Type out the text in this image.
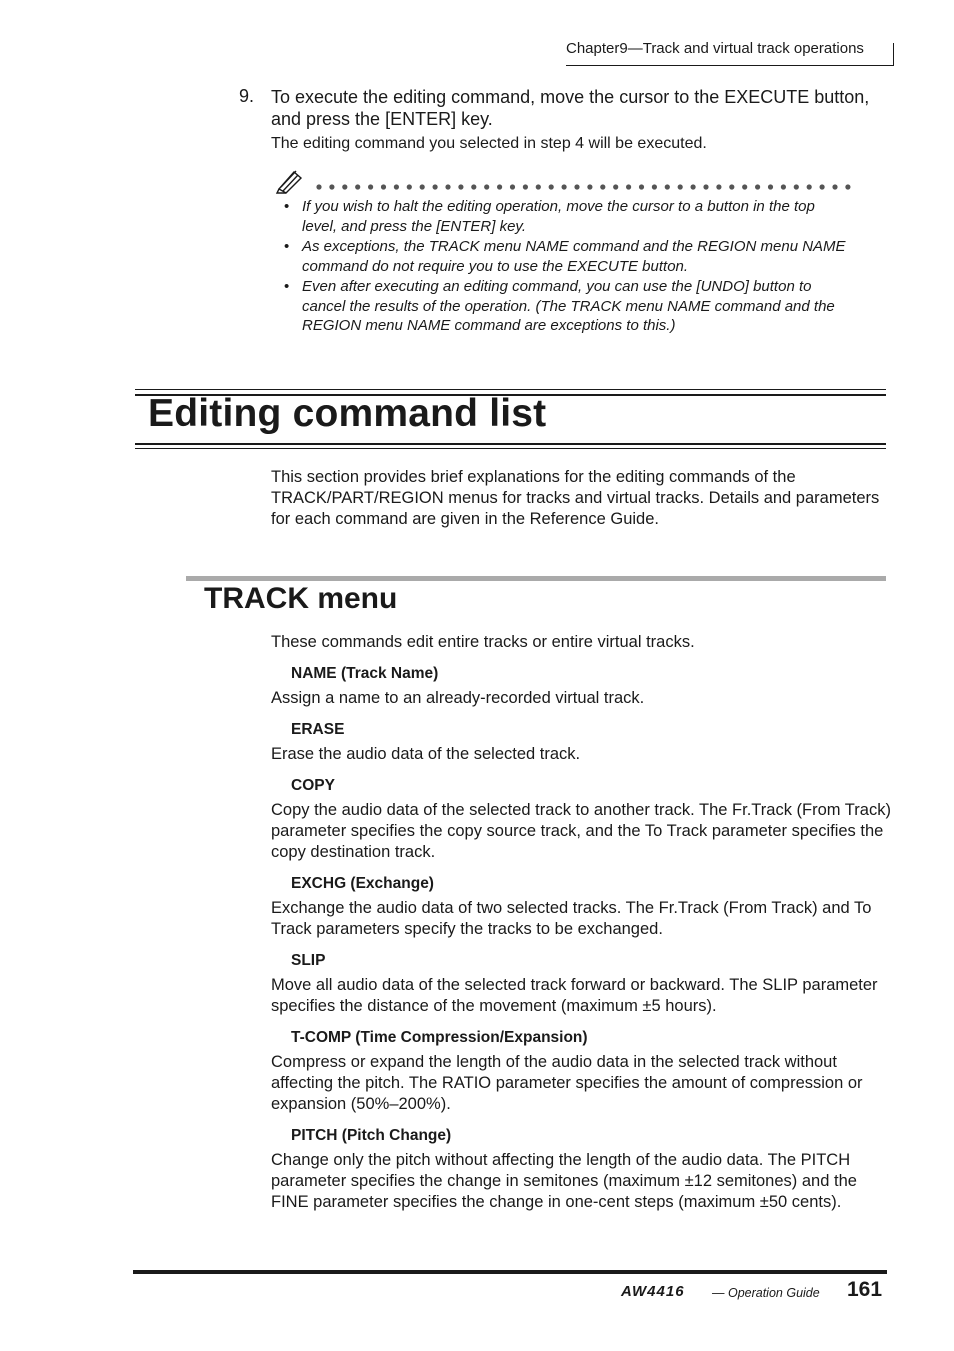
Chapter9—Track and virtual track operations
9. To execute the editing command, move the cursor to the EXECUTE button, and press the [ENTER] key.
The editing command you selected in step 4 will be executed.
• If you wish to halt the editing operation, move the cursor to a button in the top level, and press the [ENTER] key.
• As exceptions, the TRACK menu NAME command and the REGION menu NAME command do not require you to use the EXECUTE button.
• Even after executing an editing command, you can use the [UNDO] button to cancel the results of the operation. (The TRACK menu NAME command and the REGION menu NAME command are exceptions to this.)
Editing command list
This section provides brief explanations for the editing commands of the TRACK/PART/REGION menus for tracks and virtual tracks. Details and parameters for each command are given in the Reference Guide.
TRACK menu
These commands edit entire tracks or entire virtual tracks.
NAME (Track Name)
Assign a name to an already-recorded virtual track.
ERASE
Erase the audio data of the selected track.
COPY
Copy the audio data of the selected track to another track. The Fr.Track (From Track) parameter specifies the copy source track, and the To Track parameter specifies the copy destination track.
EXCHG (Exchange)
Exchange the audio data of two selected tracks. The Fr.Track (From Track) and To Track parameters specify the tracks to be exchanged.
SLIP
Move all audio data of the selected track forward or backward. The SLIP parameter specifies the distance of the movement (maximum ±5 hours).
T-COMP (Time Compression/Expansion)
Compress or expand the length of the audio data in the selected track without affecting the pitch. The RATIO parameter specifies the amount of compression or expansion (50%–200%).
PITCH (Pitch Change)
Change only the pitch without affecting the length of the audio data. The PITCH parameter specifies the change in semitones (maximum ±12 semitones) and the FINE parameter specifies the change in one-cent steps (maximum ±50 cents).
AW4416 — Operation Guide 161
